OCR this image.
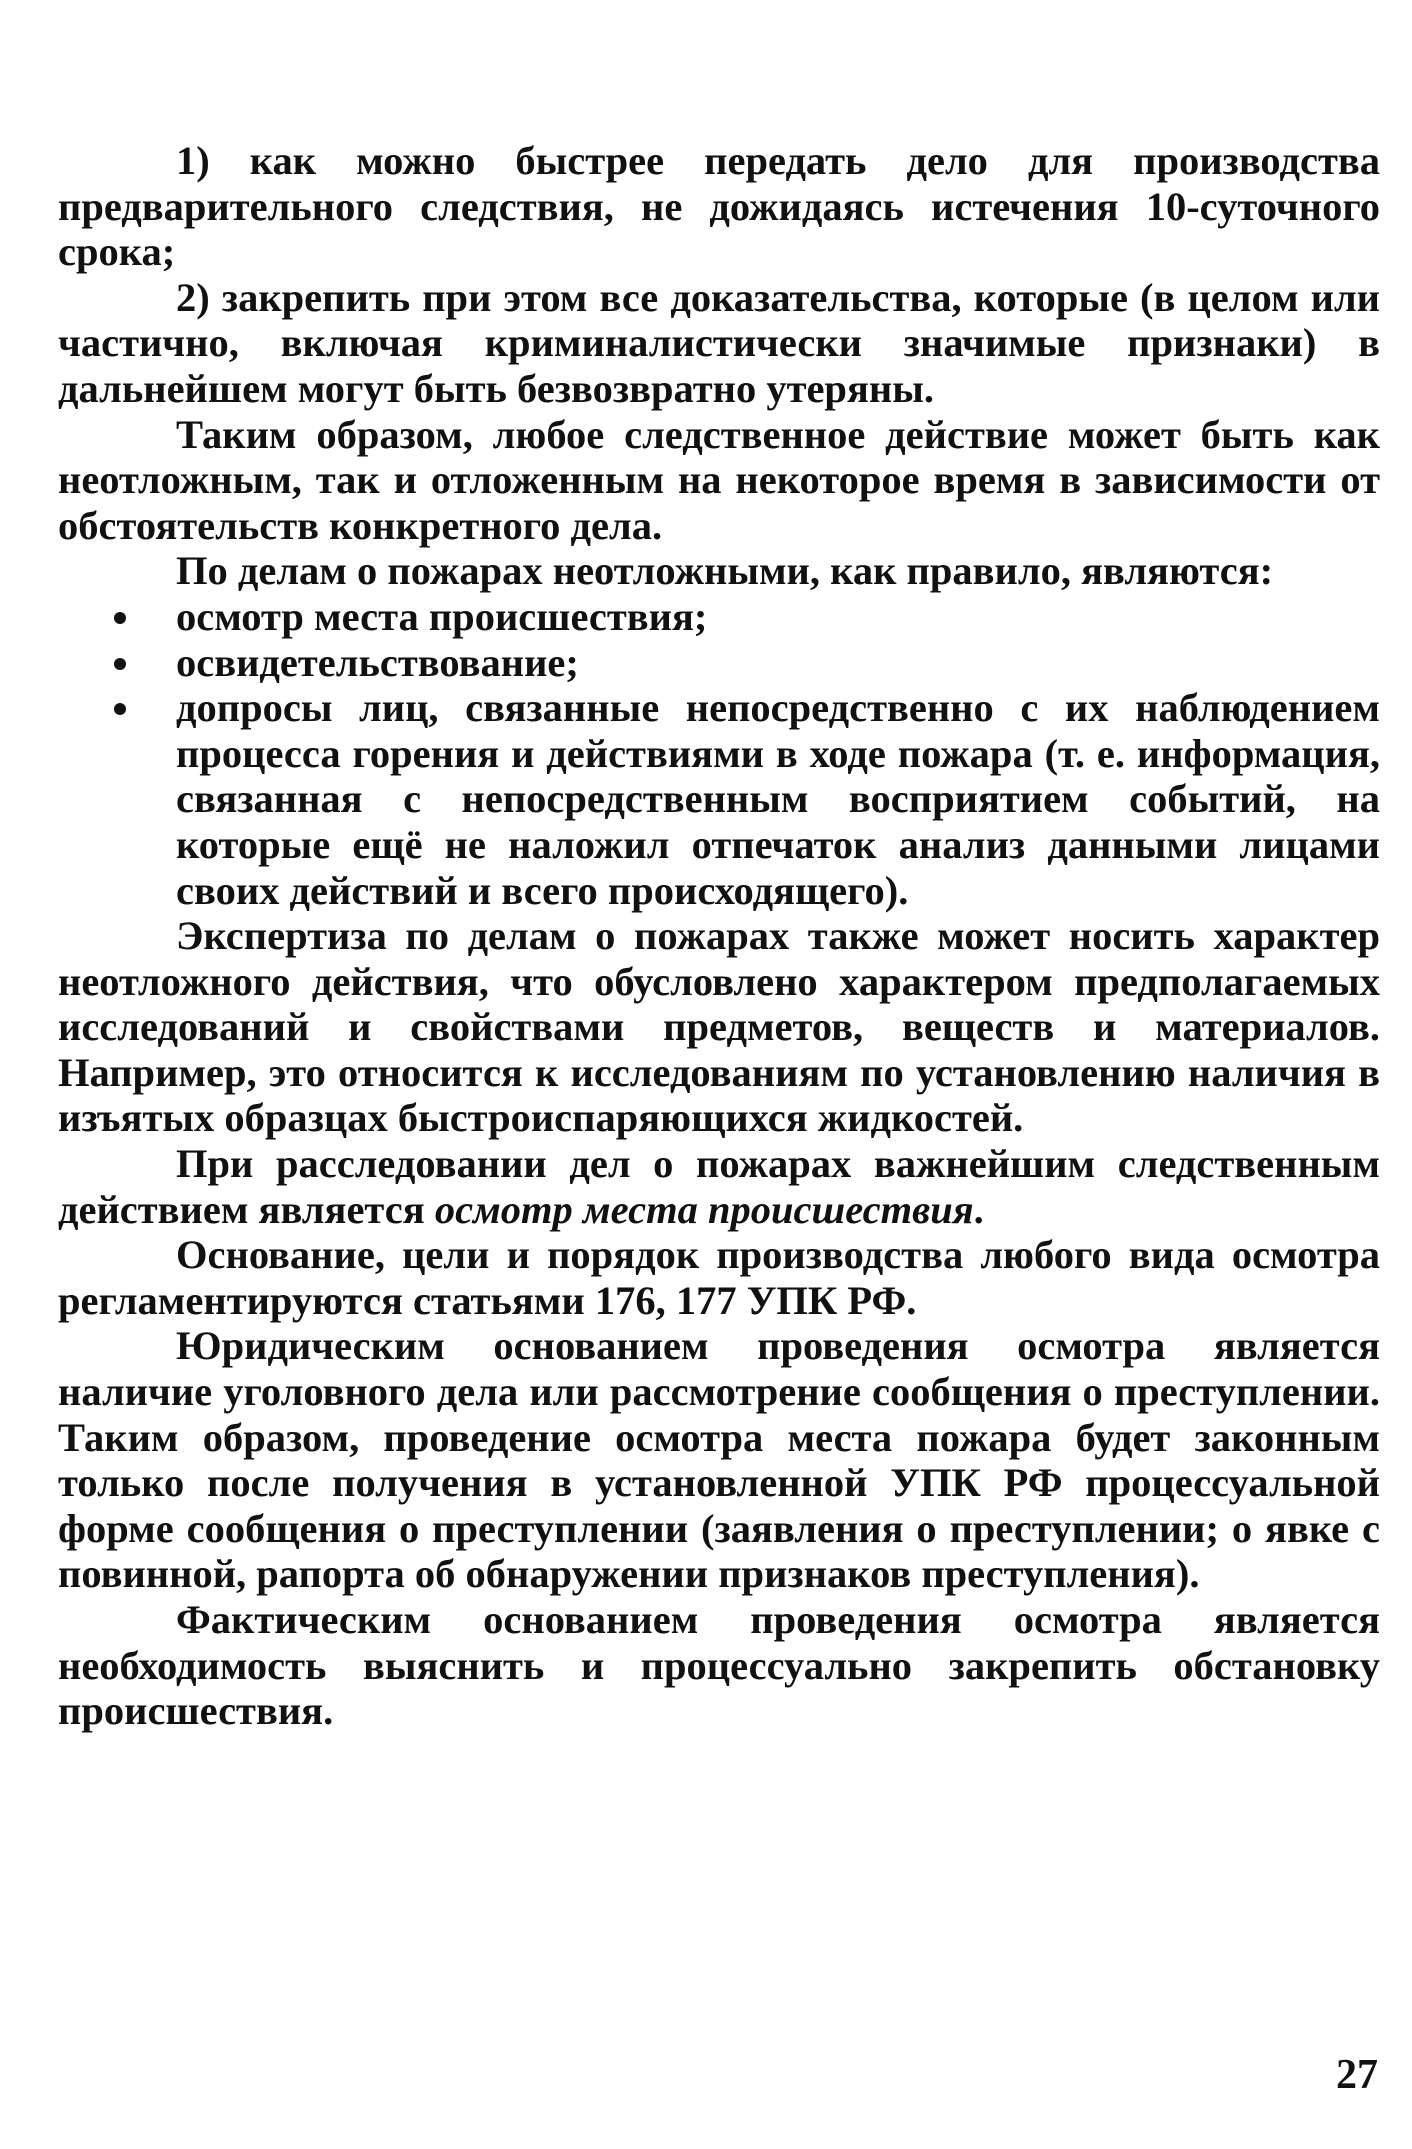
1) как можно быстрее передать дело для производства предварительного следствия, не дожидаясь истечения 10-суточного срока;

2) закрепить при этом все доказательства, которые (в целом или частично, включая криминалистически значимые признаки) в дальнейшем могут быть безвозвратно утеряны.

Таким образом, любое следственное действие может быть как неотложным, так и отложенным на некоторое время в зависимости от обстоятельств конкретного дела.

По делам о пожарах неотложными, как правило, являются:

осмотр места происшествия;
освидетельствование;
допросы лиц, связанные непосредственно с их наблюдением процесса горения и действиями в ходе пожара (т. е. информация, связанная с непосредственным восприятием событий, на которые ещё не наложил отпечаток анализ данными лицами своих действий и всего происходящего).

Экспертиза по делам о пожарах также может носить характер неотложного действия, что обусловлено характером предполагаемых исследований и свойствами предметов, веществ и материалов. Например, это относится к исследованиям по установлению наличия в изъятых образцах быстроиспаряющихся жидкостей.

При расследовании дел о пожарах важнейшим следственным действием является осмотр места происшествия.

Основание, цели и порядок производства любого вида осмотра регламентируются статьями 176, 177 УПК РФ.

Юридическим основанием проведения осмотра является наличие уголовного дела или рассмотрение сообщения о преступлении. Таким образом, проведение осмотра места пожара будет законным только после получения в установленной УПК РФ процессуальной форме сообщения о преступлении (заявления о преступлении; о явке с повинной, рапорта об обнаружении признаков преступления).

Фактическим основанием проведения осмотра является необходимость выяснить и процессуально закрепить обстановку происшествия.

27
